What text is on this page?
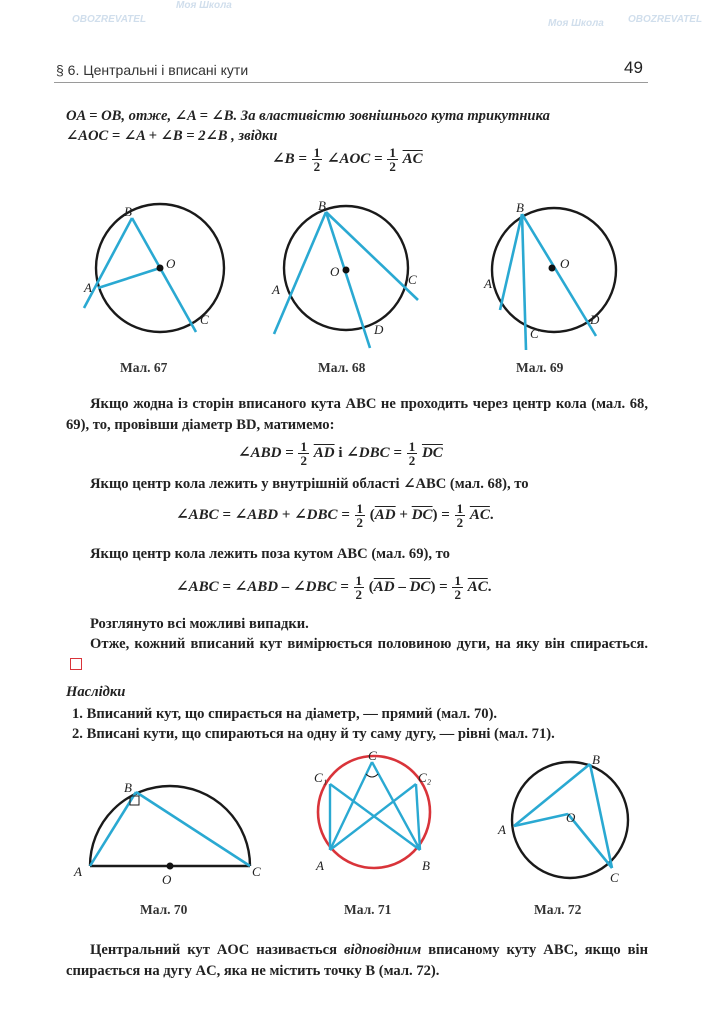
§ 6. Центральні і вписані кути	49
OBOZREVATEL
Моя Школа
OBOZREVATEL
Моя Школа

OA = OB, отже, ∠A = ∠B. За властивістю зовнішнього кута трикутника

∠AOC = ∠A + ∠B = 2∠B , звідки

∠B = $\frac{1}{2}$ ∠AOC = $\frac{1}{2} \overline{AC}$
B
A
O
C
B
O
A
C
D
B
O
A
C
D
B
A
O
C
C
C₁	C₂
A	B
B
O
A
C
Мал. 67	Мал. 68	Мал. 69
Мал. 70	Мал. 71	Мал. 72

Якщо жодна із сторін вписаного кута ABC не проходить через центр кола (мал. 68, 69), то, провівши діаметр BD, матимемо:

∠ABD = $\frac{1}{2} \overline{AD}$ і ∠DBC = $\frac{1}{2} \overline{DC}$

Якщо центр кола лежить у внутрішній області ∠ABC (мал. 68), то

∠ABC = ∠ABD + ∠DBC = $\frac{1}{2} (\overline{AD} + \overline{DC}) = \frac{1}{2} \overline{AC}$.

Якщо центр кола лежить поза кутом ABC (мал. 69), то

∠ABC = ∠ABD – ∠DBC = $\frac{1}{2} (\overline{AD} - \overline{DC}) = \frac{1}{2} \overline{AC}$.

Розглянуто всі можливі випадки.

Отже, кожний вписаний кут вимірюється половиною дуги, на яку він спирається.

Наслідки
1. Вписаний кут, що спирається на діаметр, — прямий (мал. 70).
2. Вписані кути, що спираються на одну й ту саму дугу, — рівні (мал. 71).

Центральний кут AOC називається відповідним вписаному куту ABC, якщо він спирається на дугу AC, яка не містить точку B (мал. 72).
